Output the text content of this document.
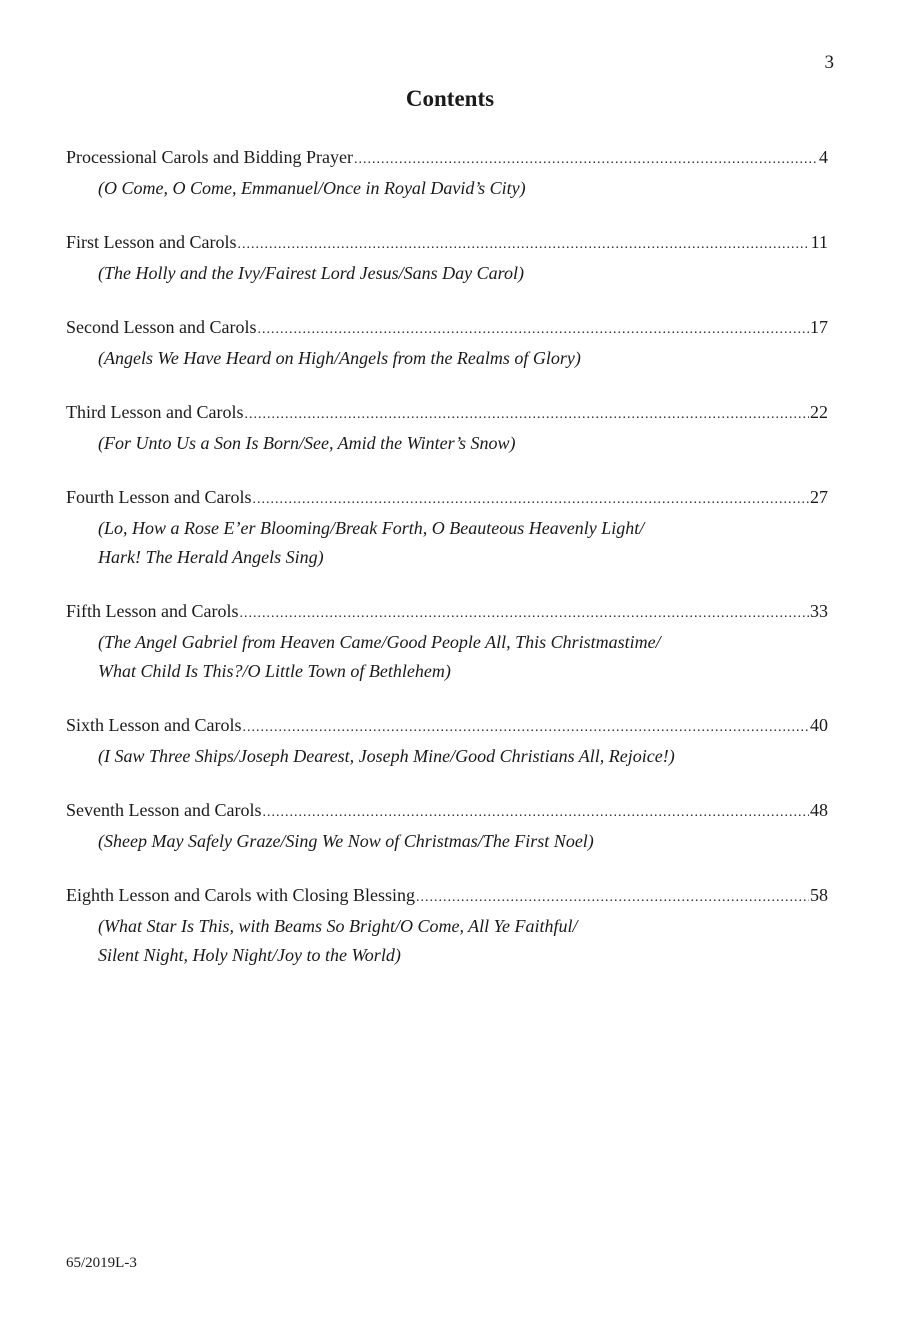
3
Contents
Processional Carols and Bidding Prayer .....	4
(O Come, O Come, Emmanuel/Once in Royal David’s City)
First Lesson and Carols .....	11
(The Holly and the Ivy/Fairest Lord Jesus/Sans Day Carol)
Second Lesson and Carols .....	17
(Angels We Have Heard on High/Angels from the Realms of Glory)
Third Lesson and Carols .....	22
(For Unto Us a Son Is Born/See, Amid the Winter’s Snow)
Fourth Lesson and Carols .....	27
(Lo, How a Rose E’er Blooming/Break Forth, O Beauteous Heavenly Light/
Hark! The Herald Angels Sing)
Fifth Lesson and Carols .....	33
(The Angel Gabriel from Heaven Came/Good People All, This Christmastime/
What Child Is This?/O Little Town of Bethlehem)
Sixth Lesson and Carols .....	40
(I Saw Three Ships/Joseph Dearest, Joseph Mine/Good Christians All, Rejoice!)
Seventh Lesson and Carols .....	48
(Sheep May Safely Graze/Sing We Now of Christmas/The First Noel)
Eighth Lesson and Carols with Closing Blessing .....	58
(What Star Is This, with Beams So Bright/O Come, All Ye Faithful/
Silent Night, Holy Night/Joy to the World)
65/2019L-3
